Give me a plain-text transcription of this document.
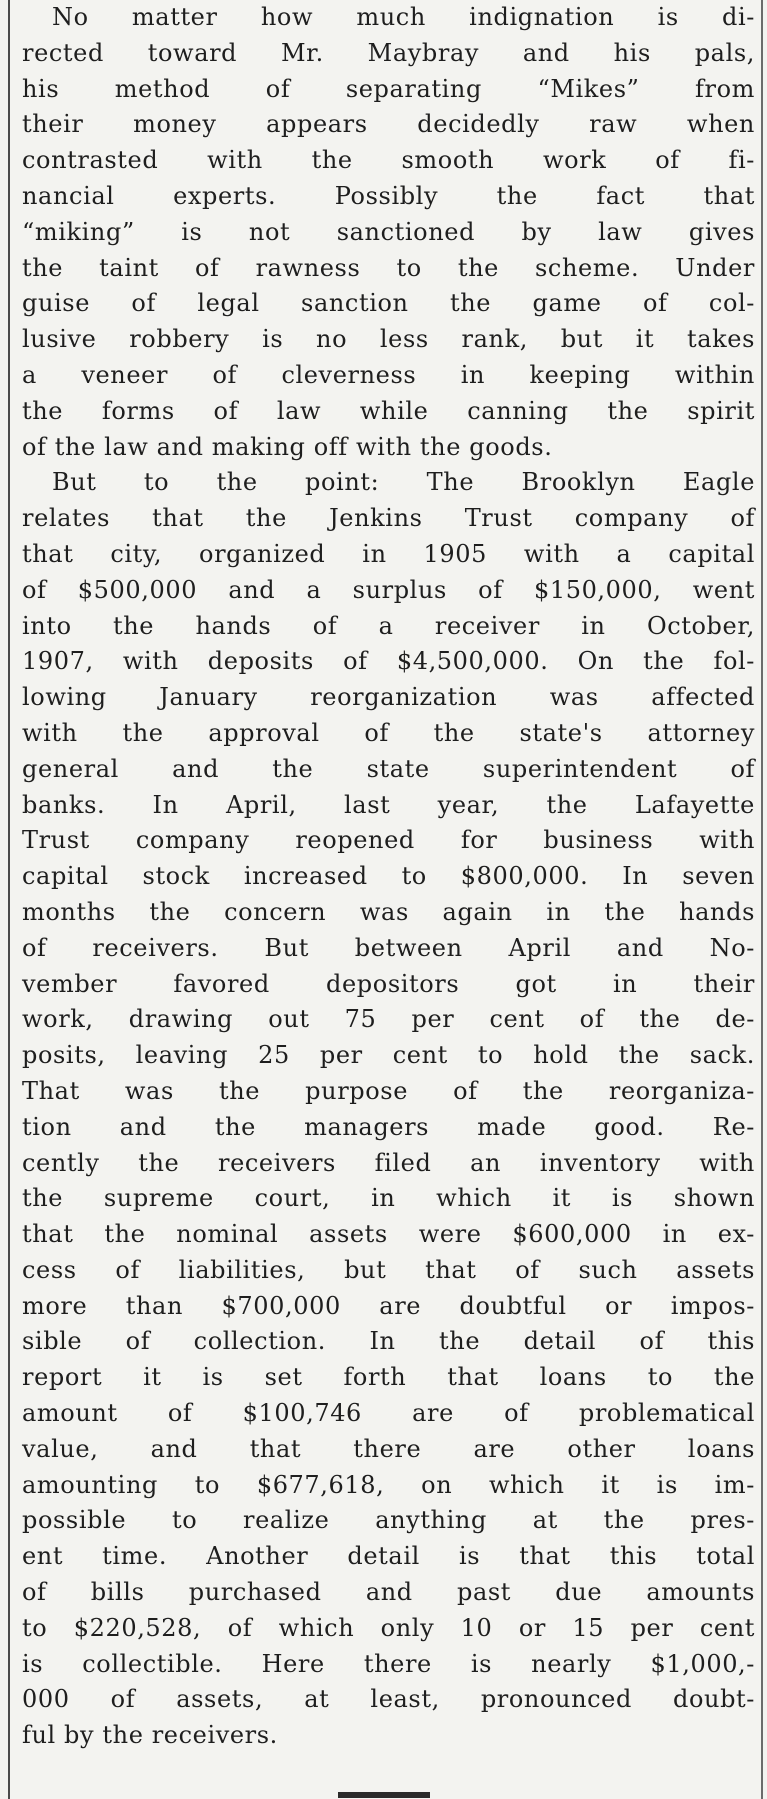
No matter how much indignation is di-
rected toward Mr. Maybray and his pals,
his method of separating “Mikes” from
their money appears decidedly raw when
contrasted with the smooth work of fi-
nancial experts. Possibly the fact that
“miking” is not sanctioned by law gives
the taint of rawness to the scheme. Under
guise of legal sanction the game of col-
lusive robbery is no less rank, but it takes
a veneer of cleverness in keeping within
the forms of law while canning the spirit
of the law and making off with the goods.
But to the point: The Brooklyn Eagle
relates that the Jenkins Trust company of
that city, organized in 1905 with a capital
of $500,000 and a surplus of $150,000, went
into the hands of a receiver in October,
1907, with deposits of $4,500,000. On the fol-
lowing January reorganization was affected
with the approval of the state's attorney
general and the state superintendent of
banks. In April, last year, the Lafayette
Trust company reopened for business with
capital stock increased to $800,000. In seven
months the concern was again in the hands
of receivers. But between April and No-
vember favored depositors got in their
work, drawing out 75 per cent of the de-
posits, leaving 25 per cent to hold the sack.
That was the purpose of the reorganiza-
tion and the managers made good. Re-
cently the receivers filed an inventory with
the supreme court, in which it is shown
that the nominal assets were $600,000 in ex-
cess of liabilities, but that of such assets
more than $700,000 are doubtful or impos-
sible of collection. In the detail of this
report it is set forth that loans to the
amount of $100,746 are of problematical
value, and that there are other loans
amounting to $677,618, on which it is im-
possible to realize anything at the pres-
ent time. Another detail is that this total
of bills purchased and past due amounts
to $220,528, of which only 10 or 15 per cent
is collectible. Here there is nearly $1,000,-
000 of assets, at least, pronounced doubt-
ful by the receivers.
